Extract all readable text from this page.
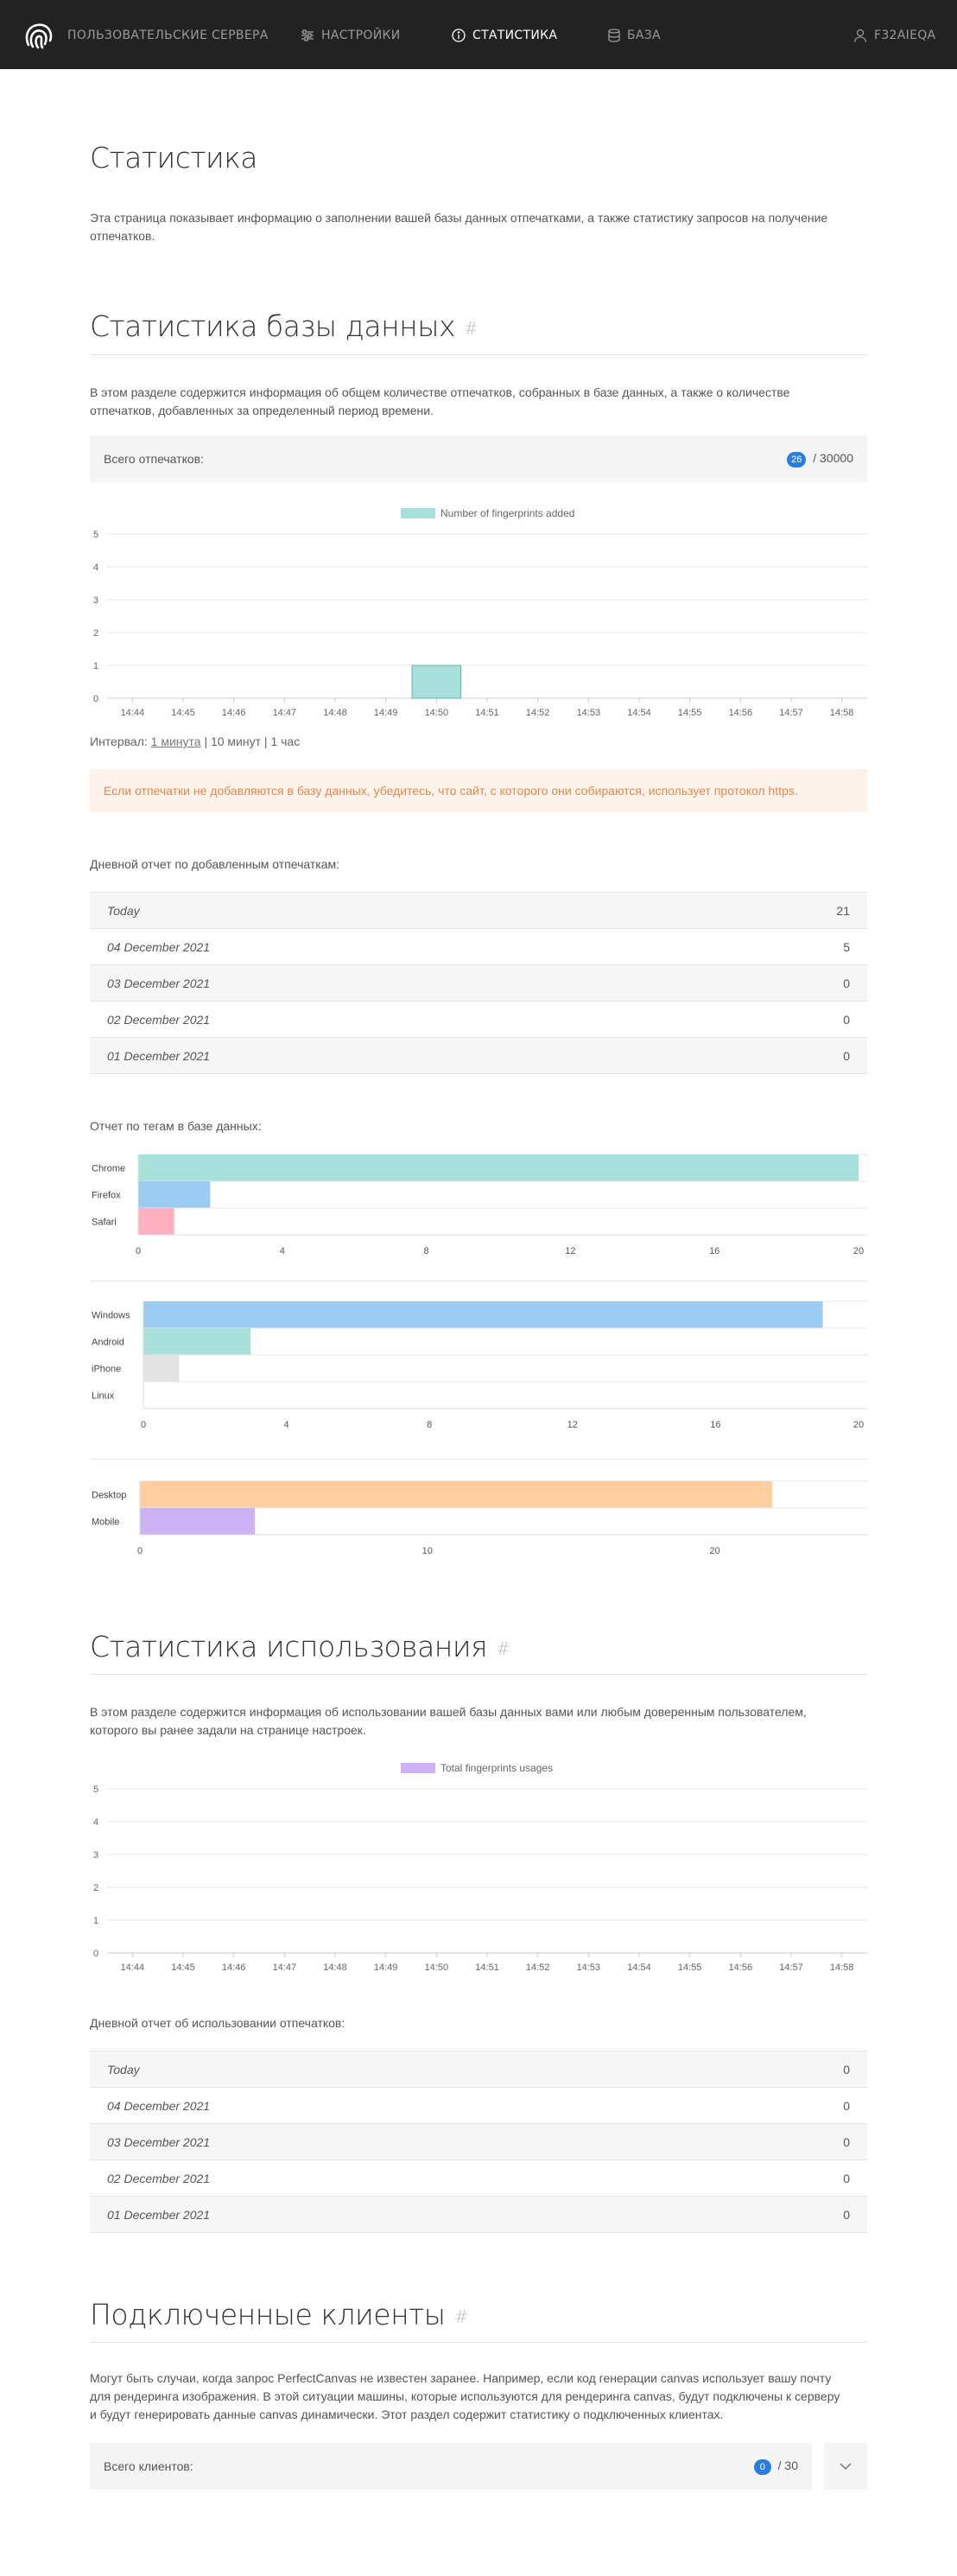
ПОЛЬЗОВАТЕЛЬСКИЕ СЕРВЕРА	НАСТРОЙКИ	СТАТИСТИКА	БАЗА	F32AIEQA
Статистика

Эта страница показывает информацию о заполнении вашей базы данных отпечатками, а также статистику запросов на получение отпечатков.

Статистика базы данных #

В этом разделе содержится информация об общем количестве отпечатков, собранных в базе данных, а также о количестве отпечатков, добавленных за определенный период времени.

Всего отпечатков:	26 / 30000
Number of fingerprints added
0
1
2
3
4
5
14:44	14:45	14:46	14:47	14:48	14:49	14:50	14:51	14:52	14:53	14:54	14:55	14:56	14:57	14:58
Интервал: 1 минута | 10 минут | 1 час
Если отпечатки не добавляются в базу данных, убедитесь, что сайт, с которого они собираются, использует протокол https.
Дневной отчет по добавленным отпечаткам:
Today	21
04 December 2021	5
03 December 2021	0
02 December 2021	0
01 December 2021	0
Отчет по тегам в базе данных:
Chrome
Firefox
Safari
0	4	8	12	16	20
Windows
Android
iPhone
Linux
0	4	8	12	16	20
Desktop
Mobile
0	10	20
Статистика использования #

В этом разделе содержится информация об использовании вашей базы данных вами или любым доверенным пользователем, которого вы ранее задали на странице настроек.

Total fingerprints usages
0
1
2
3
4
5
14:44	14:45	14:46	14:47	14:48	14:49	14:50	14:51	14:52	14:53	14:54	14:55	14:56	14:57	14:58
Дневной отчет об использовании отпечатков:
Today	0
04 December 2021	0
03 December 2021	0
02 December 2021	0
01 December 2021	0
Подключенные клиенты #

Могут быть случаи, когда запрос PerfectCanvas не известен заранее. Например, если код генерации canvas использует вашу почту для рендеринга изображения. В этой ситуации машины, которые используются для рендеринга canvas, будут подключены к серверу и будут генерировать данные canvas динамически. Этот раздел содержит статистику о подключенных клиентах.

Всего клиентов:	0 / 30
